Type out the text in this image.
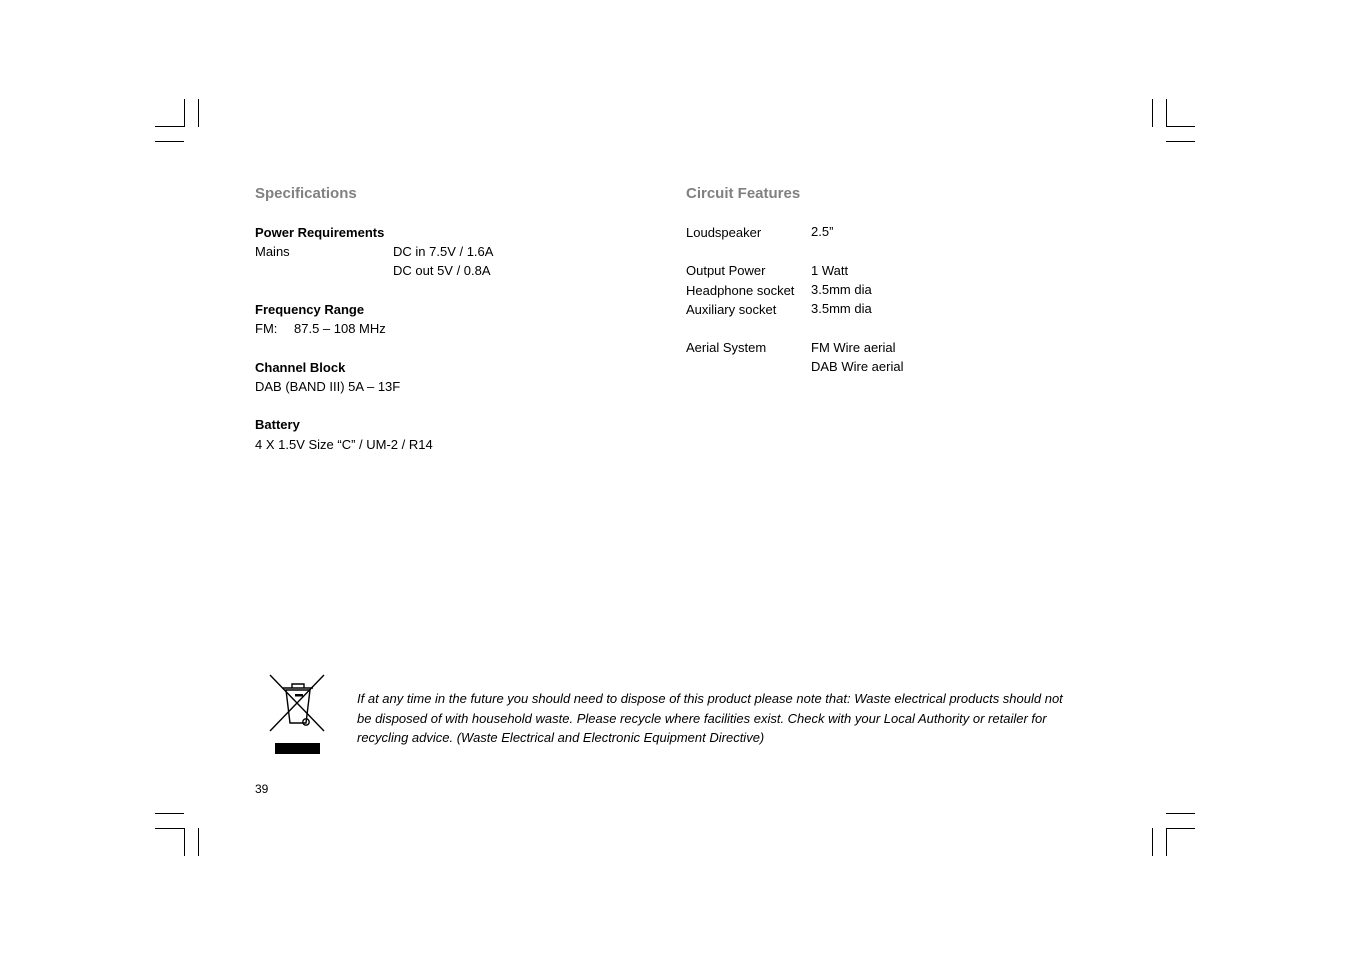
Specifications
Power Requirements
Mains	DC in 7.5V / 1.6A
DC out 5V / 0.8A
Frequency Range
FM: 87.5 – 108 MHz
Channel Block
DAB (BAND III) 5A – 13F
Battery
4 X 1.5V Size “C” / UM-2 / R14
Circuit Features
Loudspeaker	2.5”
Output Power	1 Watt
Headphone socket 3.5mm dia
Auxiliary socket	3.5mm dia
Aerial System	FM Wire aerial
DAB Wire aerial
If at any time in the future you should need to dispose of this product please note that: Waste electrical products should not be disposed of with household waste. Please recycle where facilities exist. Check with your Local Authority or retailer for recycling advice. (Waste Electrical and Electronic Equipment Directive)
39
